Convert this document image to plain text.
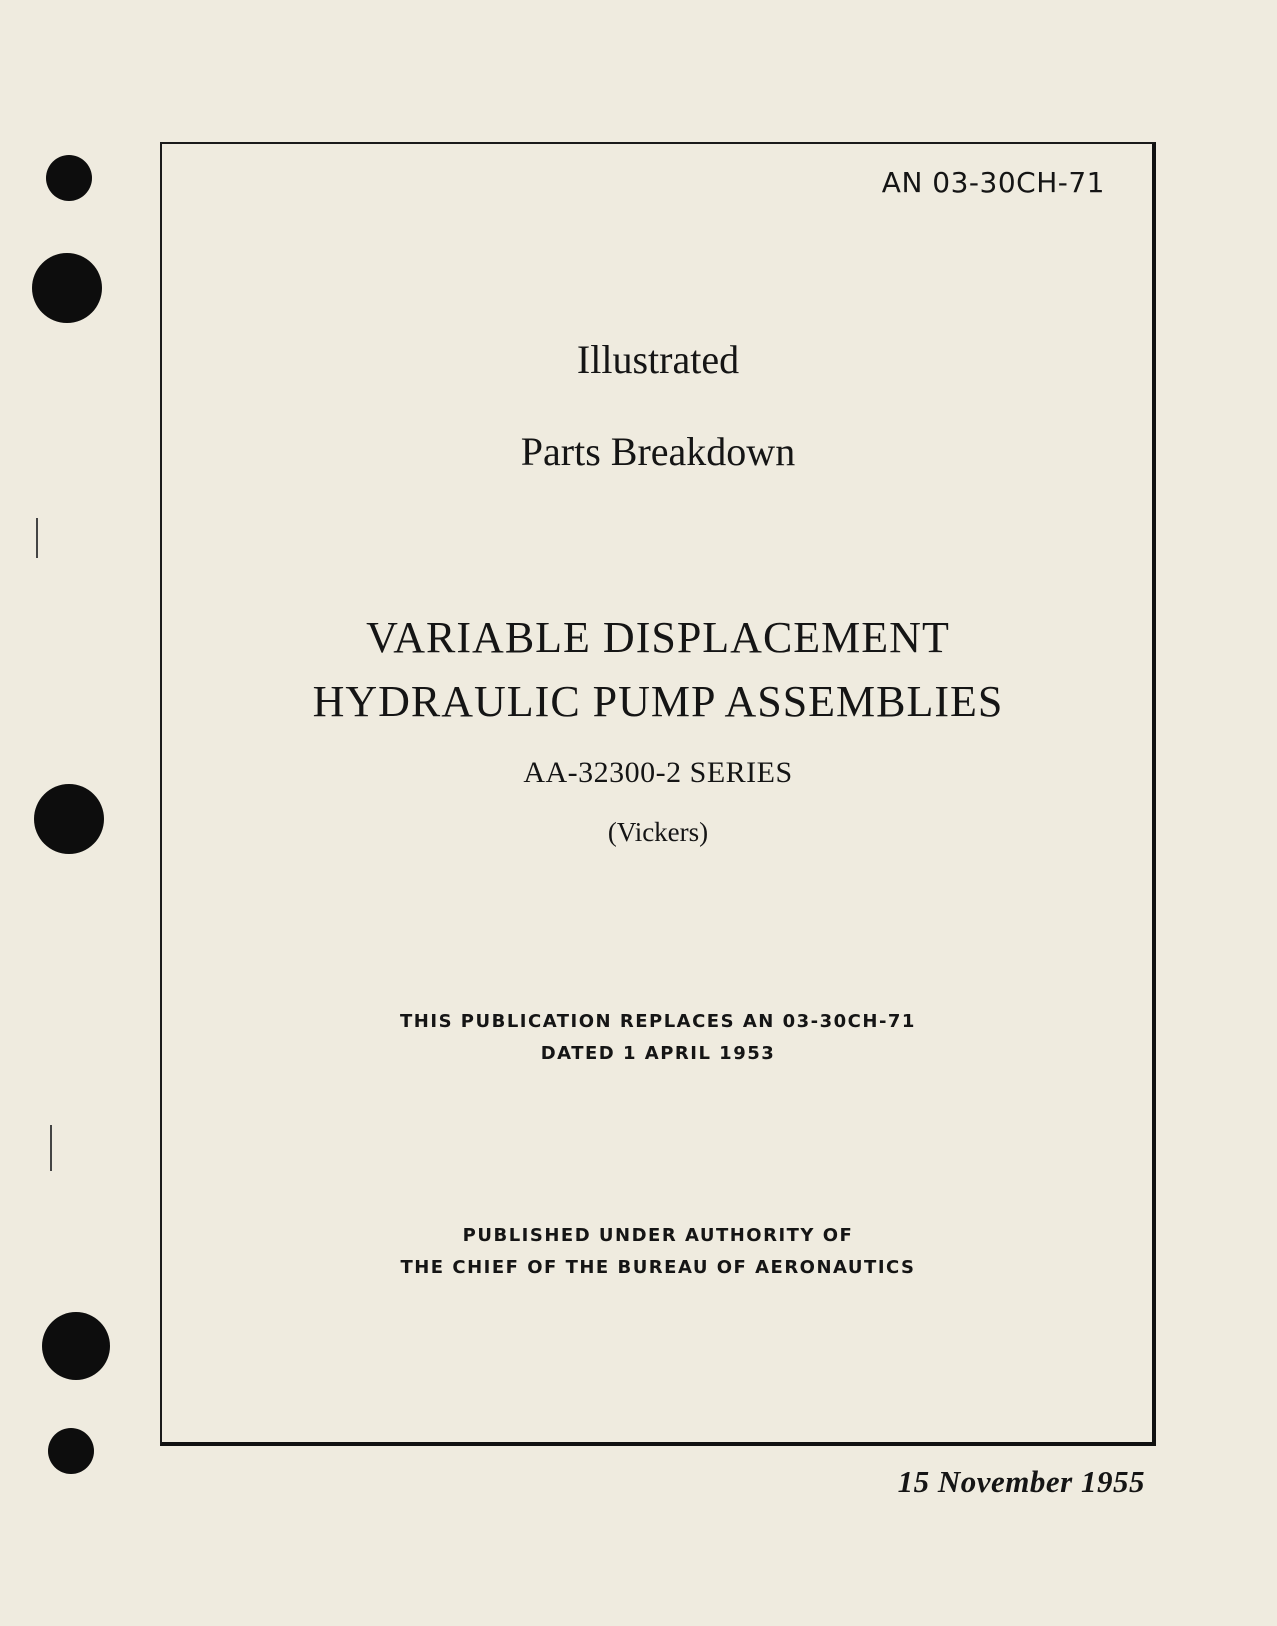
AN 03-30CH-71
Illustrated
Parts Breakdown
VARIABLE DISPLACEMENT
HYDRAULIC PUMP ASSEMBLIES
AA-32300-2 SERIES
(Vickers)
THIS PUBLICATION REPLACES AN 03-30CH-71
DATED 1 APRIL 1953
PUBLISHED UNDER AUTHORITY OF
THE CHIEF OF THE BUREAU OF AERONAUTICS
15 November 1955
